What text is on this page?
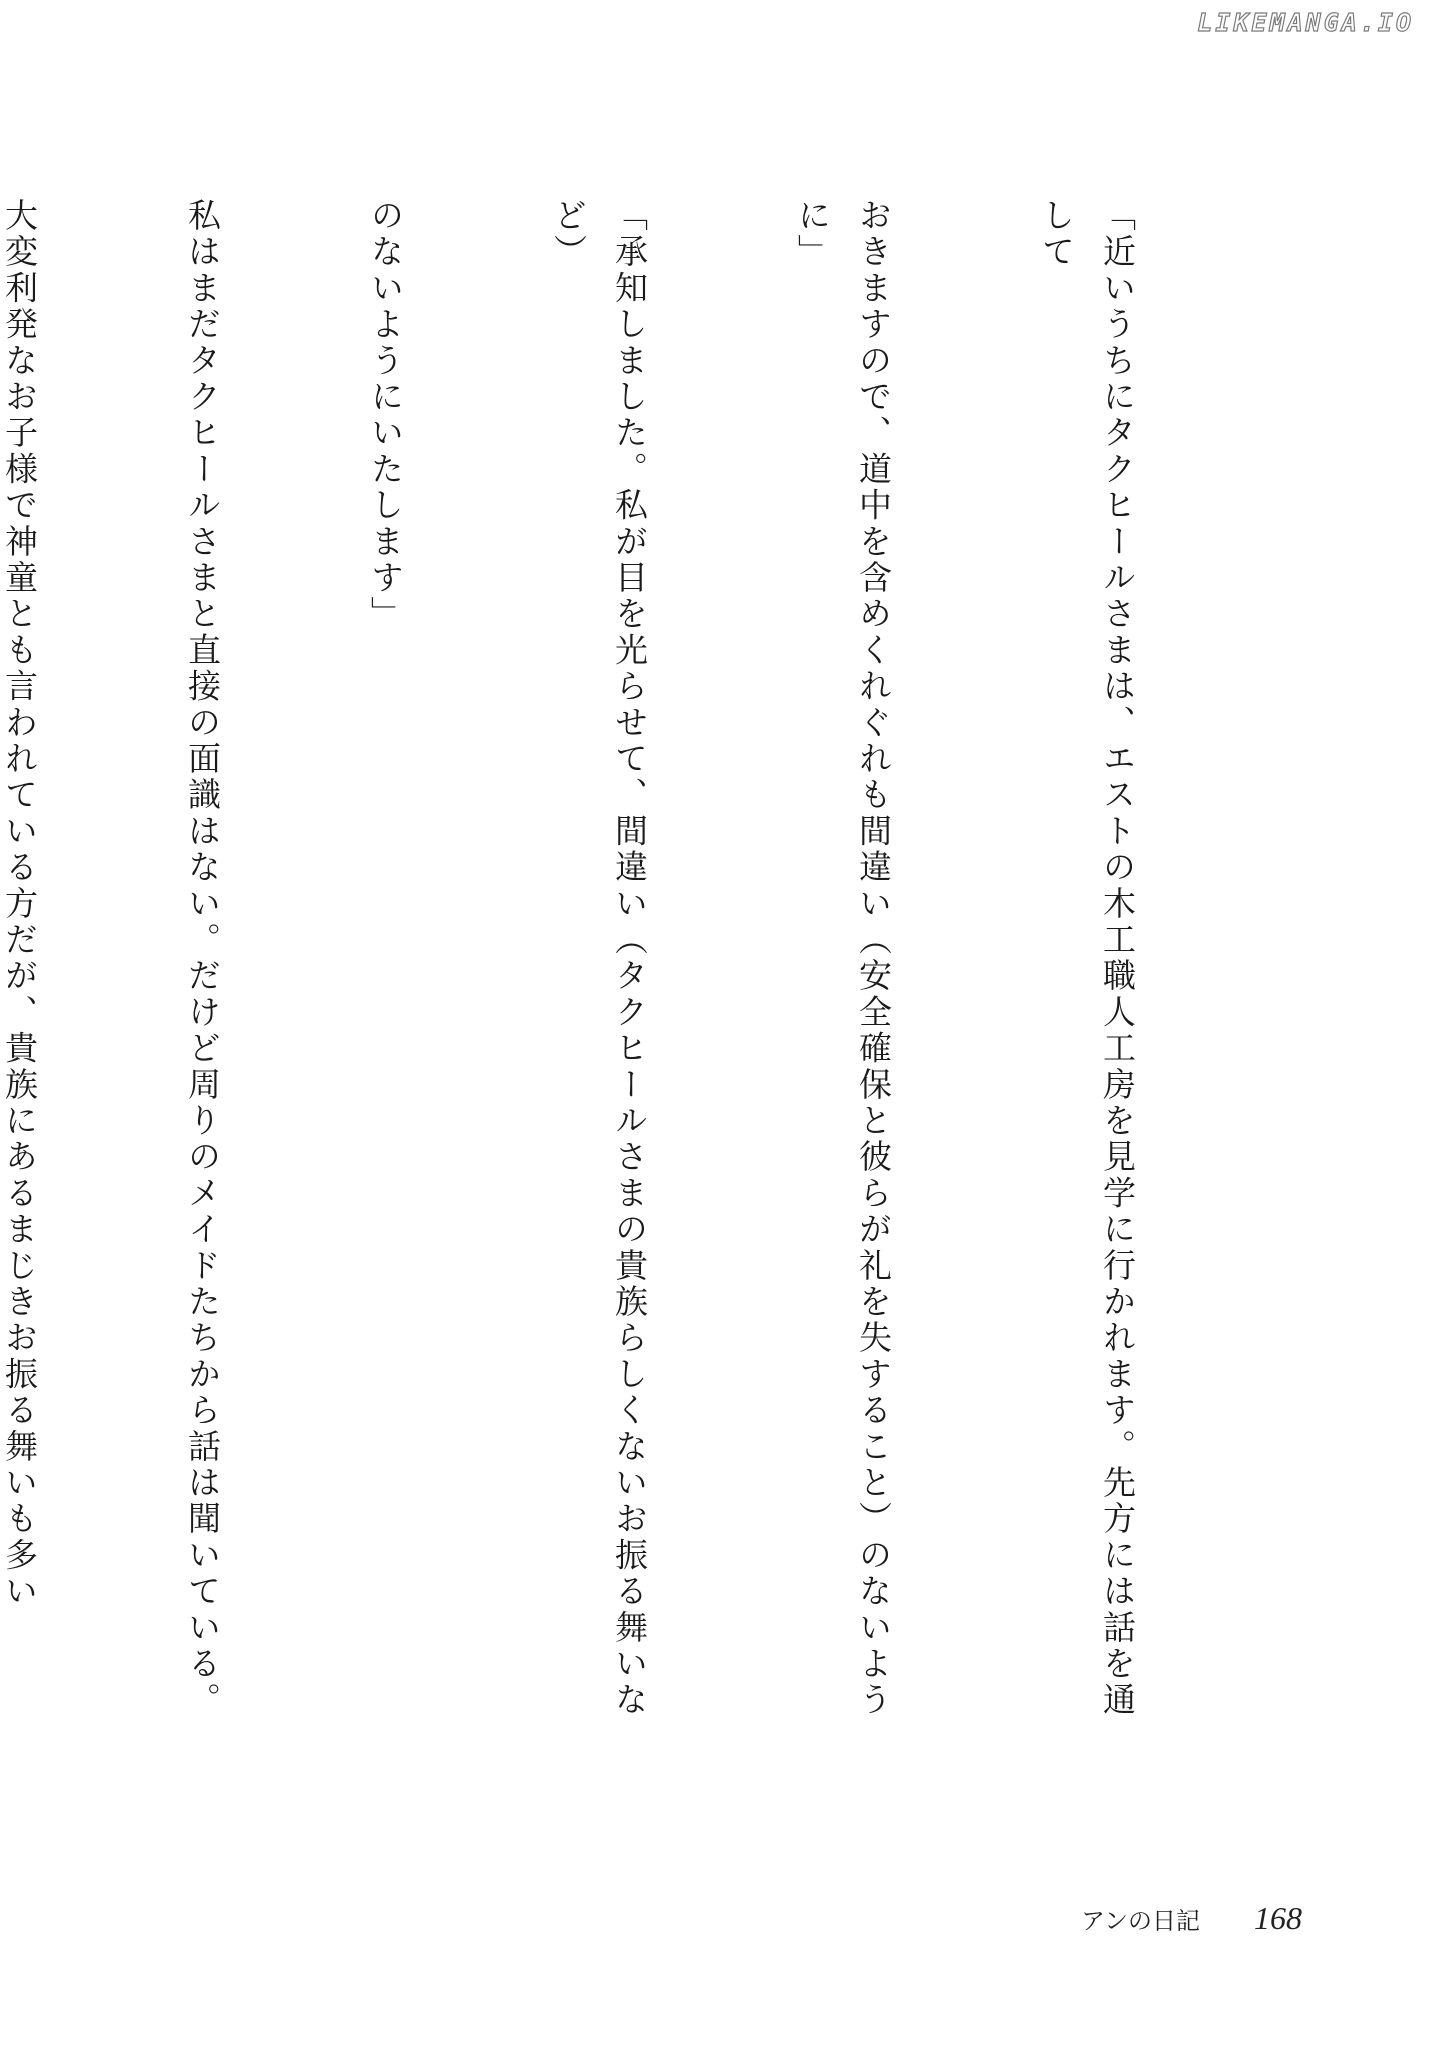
LIKEMANGA.IO

「近いうちにタクヒールさまは、エストの木工職人工房を見学に行かれます。先方には話を通して

おきますので、道中を含めくれぐれも間違い（安全確保と彼らが礼を失すること）のないように」

「承知しました。私が目を光らせて、間違い（タクヒールさまの貴族らしくないお振る舞いなど）

のないようにいたします」

私はまだタクヒールさまと直接の面識はない。だけど周りのメイドたちから話は聞いている。

大変利発なお子様で神童とも言われている方だが、貴族にあるまじきお振る舞いも多い

アンの日記 168
